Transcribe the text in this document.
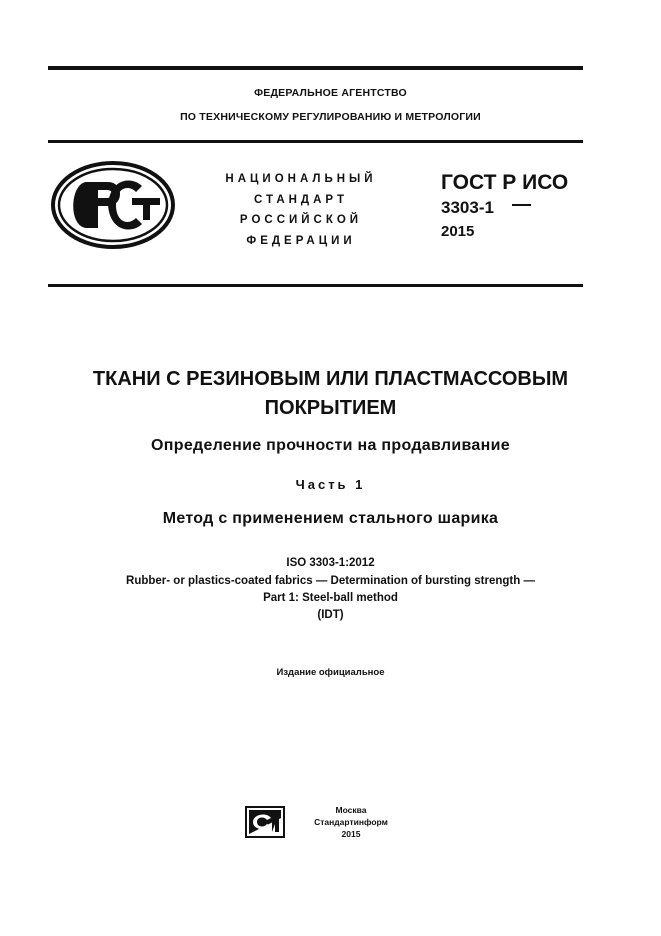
ФЕДЕРАЛЬНОЕ АГЕНТСТВО
ПО ТЕХНИЧЕСКОМУ РЕГУЛИРОВАНИЮ И МЕТРОЛОГИИ
НАЦИОНАЛЬНЫЙ
СТАНДАРТ
РОССИЙСКОЙ
ФЕДЕРАЦИИ
ГОСТ Р ИСО
3303-1
2015
ТКАНИ С РЕЗИНОВЫМ ИЛИ ПЛАСТМАССОВЫМ
ПОКРЫТИЕМ
Определение прочности на продавливание
Часть 1
Метод с применением стального шарика
ISO 3303-1:2012
Rubber- or plastics-coated fabrics — Determination of bursting strength —
Part 1: Steel-ball method
(IDT)
Издание официальное
Москва
Стандартинформ
2015
